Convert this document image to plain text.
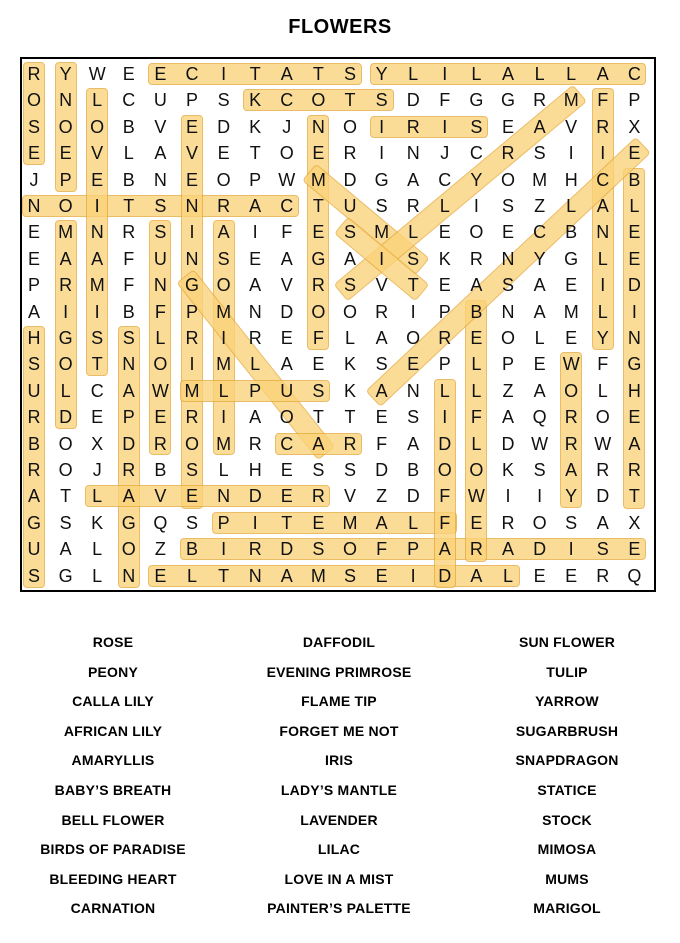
FLOWERS
R	Y W E	E	C	I	T	A	T	S	Y	L	I	L	A	L	L	A	C
O	N	L	C	U	P	S	K	C	O	T	S	D	F	G G	R M	F	P
S	O O	B	V	E	D	K	J	N	O	I	R	I	S	E	A	V	R	X
E	E	V	L	A	V	E	T	O	E	R	I	N	J	C	R	S	I	I	E
J	P	E	B	N	E	O	P W M D	G	A	C	Y	O M H	C	B
N	O	I	T	S	N	R	A	C	T	U	S	R	L	I	S	Z	L	A	L
E	M N	R	S	I	A	I	F	E	S	M	L	E	O	E	C	B	N	E
E	A	A	F	U	N	S	E	A	G	A	I	S	K	R	N	Y	G	L	E
P	R M	F	N	G O	A	V	R	S	V	T	E	A	S	A	E	I	D
A	I	I	B	F	P	M N	D	O O	R	I	P	B	N	A	M	L	I
H	G	S	S	L	R	I	R	E	F	L	A	O	R	E	O	L	E	Y	N
S	O	T	N	O	I	M	L	A	E	K	S	E	P	L	P	E W F	G
U	L	C	A W M	L	P	U	S	K	A	N	L	L	Z	A	O	L	H
R	D	E	P	E	R	I	A	O	T	T	E	S	I	F	A	Q	R	O	E
B	O	X	D	R	O M R	C	A	R	F	A	D	L	D W R W A
R	O	J	R	B	S	L	H	E	S	S	D	B	O O	K	S	A	R	R
A	T	L	A	V	E	N	D	E	R	V	Z	D	F W	I	I	Y	D	T
G	S	K	G Q	S	P	I	T	E	M	A	L	F	E	R	O	S	A	X
U	A	L	O	Z	B	I	R	D	S	O	F	P	A	R	A	D	I	S	E
S	G	L	N	E	L	T	N	A	M	S	E	I	D	A	L	E	E	R	Q
ROSE
PEONY
CALLA LILY
AFRICAN LILY
AMARYLLIS
BABY’S BREATH
BELL FLOWER
BIRDS OF PARADISE
BLEEDING HEART
CARNATION
DAFFODIL
EVENING PRIMROSE
FLAME TIP
FORGET ME NOT
IRIS
LADY’S MANTLE
LAVENDER
LILAC
LOVE IN A MIST
PAINTER’S PALETTE
SUN FLOWER
TULIP
YARROW
SUGARBRUSH
SNAPDRAGON
STATICE
STOCK
MIMOSA
MUMS
MARIGOL
